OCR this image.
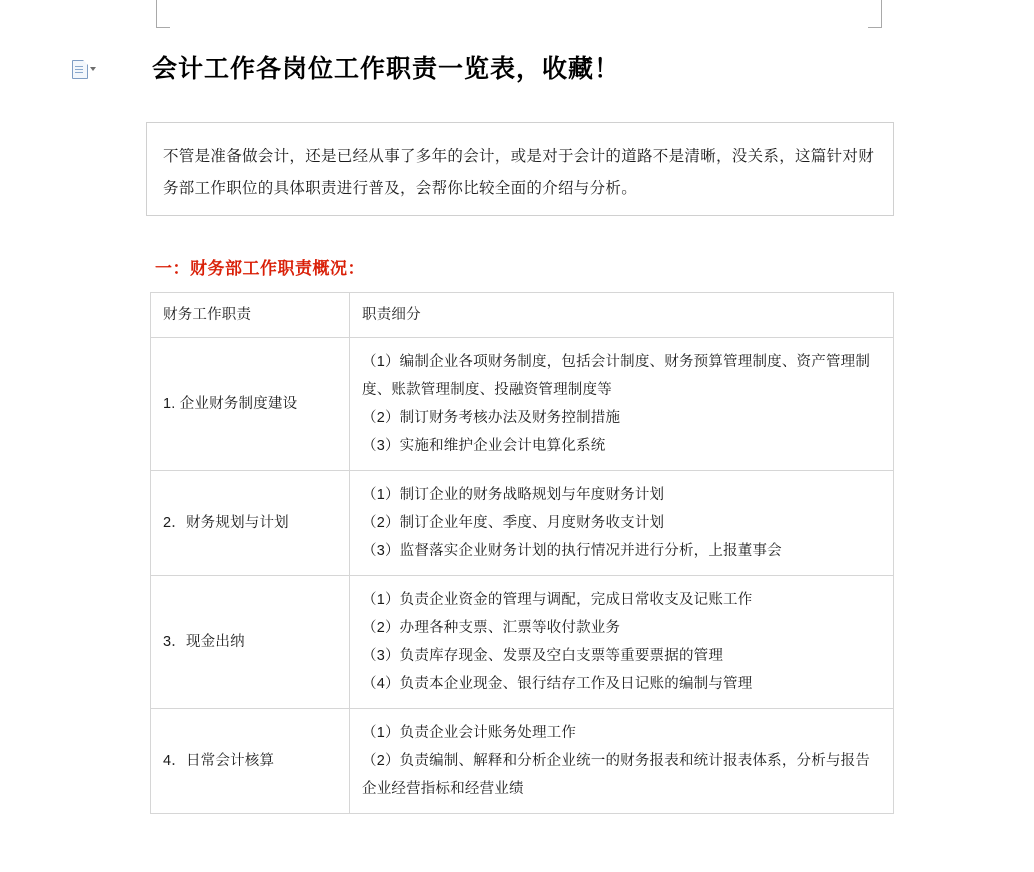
会计工作各岗位工作职责一览表，收藏！
不管是准备做会计，还是已经从事了多年的会计，或是对于会计的道路不是清晰，没关系，这篇针对财务部工作职位的具体职责进行普及，会帮你比较全面的介绍与分析。
一：财务部工作职责概况：
财务工作职责	职责细分
1. 企业财务制度建设	（1）编制企业各项财务制度，包括会计制度、财务预算管理制度、资产管理制度、账款管理制度、投融资管理制度等
（2）制订财务考核办法及财务控制措施
（3）实施和维护企业会计电算化系统

2．财务规划与计划	（1）制订企业的财务战略规划与年度财务计划
（2）制订企业年度、季度、月度财务收支计划
（3）监督落实企业财务计划的执行情况并进行分析，上报董事会

3．现金出纳	（1）负责企业资金的管理与调配，完成日常收支及记账工作
（2）办理各种支票、汇票等收付款业务
（3）负责库存现金、发票及空白支票等重要票据的管理
（4）负责本企业现金、银行结存工作及日记账的编制与管理

4．日常会计核算	（1）负责企业会计账务处理工作
（2）负责编制、解释和分析企业统一的财务报表和统计报表体系，分析与报告企业经营指标和经营业绩
